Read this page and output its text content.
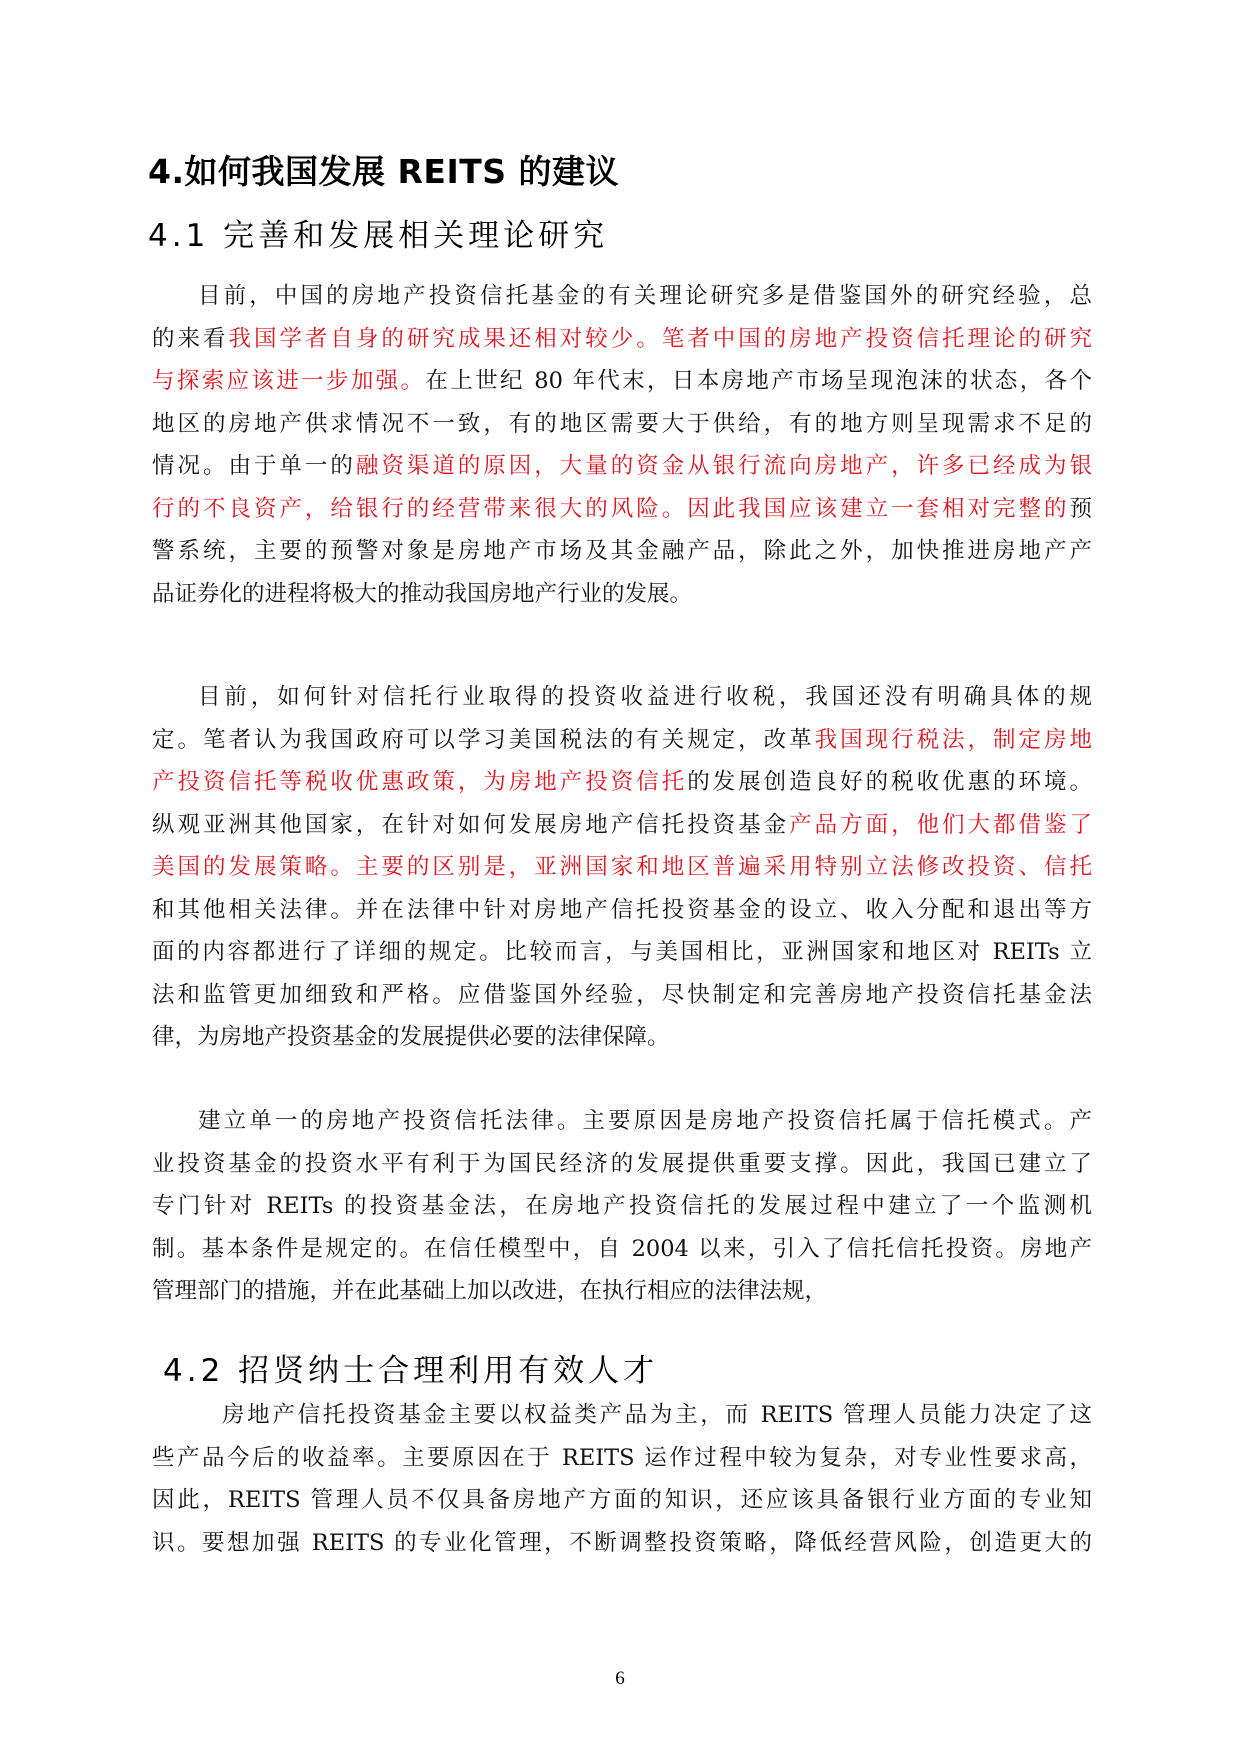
4.如何我国发展 REITS 的建议
4.1 完善和发展相关理论研究
目前，中国的房地产投资信托基金的有关理论研究多是借鉴国外的研究经验，总
的来看我国学者自身的研究成果还相对较少。笔者中国的房地产投资信托理论的研究
与探索应该进一步加强。在上世纪 80 年代末，日本房地产市场呈现泡沫的状态，各个
地区的房地产供求情况不一致，有的地区需要大于供给，有的地方则呈现需求不足的
情况。由于单一的融资渠道的原因，大量的资金从银行流向房地产，许多已经成为银
行的不良资产，给银行的经营带来很大的风险。因此我国应该建立一套相对完整的预
警系统，主要的预警对象是房地产市场及其金融产品，除此之外，加快推进房地产产
品证券化的进程将极大的推动我国房地产行业的发展。
目前，如何针对信托行业取得的投资收益进行收税，我国还没有明确具体的规
定。笔者认为我国政府可以学习美国税法的有关规定，改革我国现行税法，制定房地
产投资信托等税收优惠政策，为房地产投资信托的发展创造良好的税收优惠的环境。
纵观亚洲其他国家，在针对如何发展房地产信托投资基金产品方面，他们大都借鉴了
美国的发展策略。主要的区别是，亚洲国家和地区普遍采用特别立法修改投资、信托
和其他相关法律。并在法律中针对房地产信托投资基金的设立、收入分配和退出等方
面的内容都进行了详细的规定。比较而言，与美国相比，亚洲国家和地区对 REITs 立
法和监管更加细致和严格。应借鉴国外经验，尽快制定和完善房地产投资信托基金法
律，为房地产投资基金的发展提供必要的法律保障。
建立单一的房地产投资信托法律。主要原因是房地产投资信托属于信托模式。产
业投资基金的投资水平有利于为国民经济的发展提供重要支撑。因此，我国已建立了
专门针对 REITs 的投资基金法，在房地产投资信托的发展过程中建立了一个监测机
制。基本条件是规定的。在信任模型中，自 2004 以来，引入了信托信托投资。房地产
管理部门的措施，并在此基础上加以改进，在执行相应的法律法规，
4.2 招贤纳士合理利用有效人才
房地产信托投资基金主要以权益类产品为主，而 REITS 管理人员能力决定了这
些产品今后的收益率。主要原因在于 REITS 运作过程中较为复杂，对专业性要求高，
因此，REITS 管理人员不仅具备房地产方面的知识，还应该具备银行业方面的专业知
识。要想加强 REITS 的专业化管理，不断调整投资策略，降低经营风险，创造更大的
6
